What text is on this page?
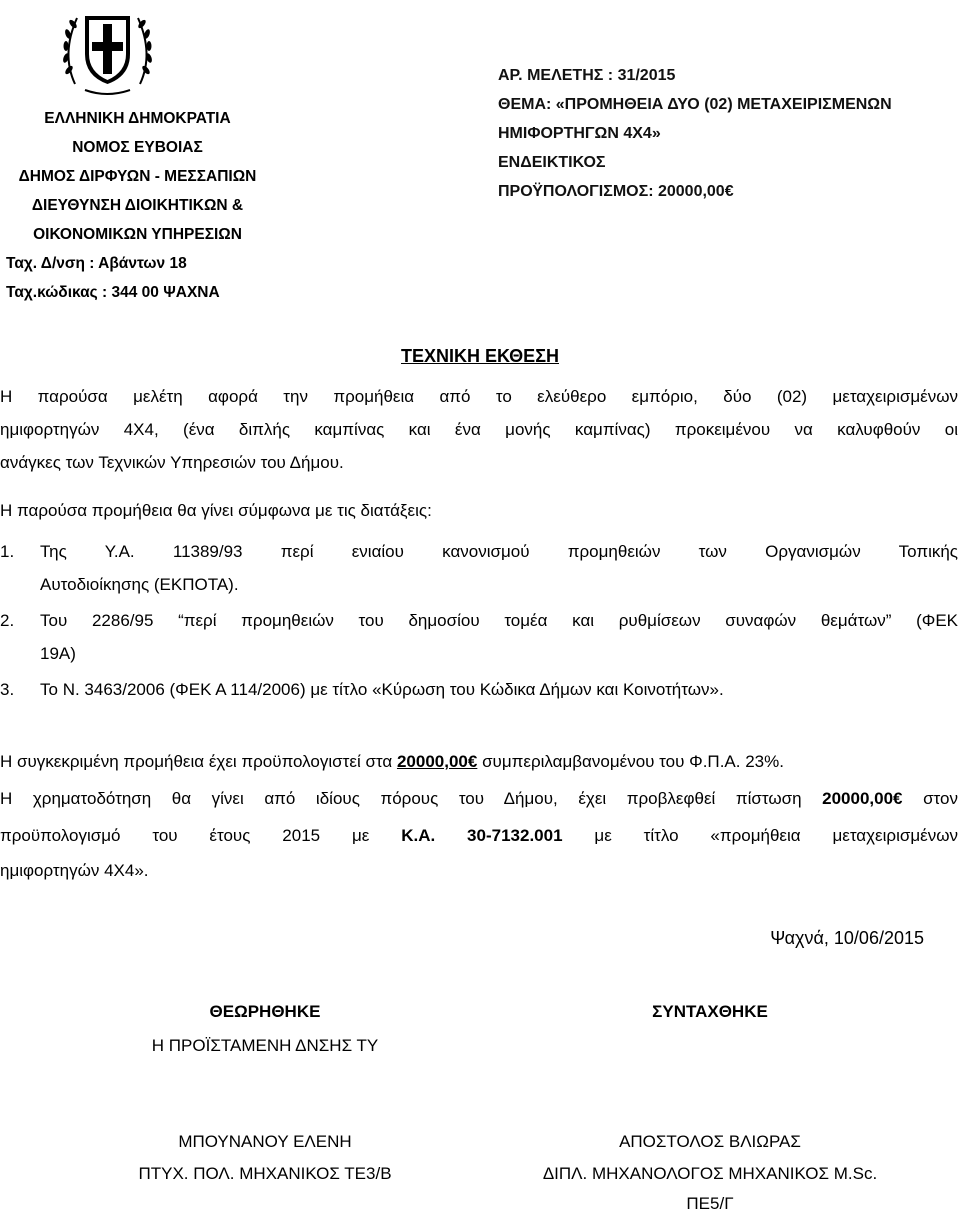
ΕΛΛΗΝΙΚΗ ΔΗΜΟΚΡΑΤΙΑ
ΝΟΜΟΣ ΕΥΒΟΙΑΣ
ΔΗΜΟΣ ΔΙΡΦΥΩΝ - ΜΕΣΣΑΠΙΩΝ
ΔΙΕΥΘΥΝΣΗ ΔΙΟΙΚΗΤΙΚΩΝ &
ΟΙΚΟΝΟΜΙΚΩΝ ΥΠΗΡΕΣΙΩΝ
Ταχ. Δ/νση : Αβάντων 18
Ταχ.κώδικας : 344 00 ΨΑΧΝΑ
ΑΡ. ΜΕΛΕΤΗΣ : 31/2015
ΘΕΜΑ: «ΠΡΟΜΗΘΕΙΑ ΔΥΟ (02) ΜΕΤΑΧΕΙΡΙΣΜΕΝΩΝ
ΗΜΙΦΟΡΤΗΓΩΝ 4Χ4»
ΕΝΔΕΙΚΤΙΚΟΣ
ΠΡΟΫΠΟΛΟΓΙΣΜΟΣ: 20000,00€
ΤΕΧΝΙΚΗ ΕΚΘΕΣΗ
Η παρούσα μελέτη αφορά την προμήθεια από το ελεύθερο εμπόριο, δύο (02) μεταχειρισμένων
ημιφορτηγών 4Χ4, (ένα διπλής καμπίνας και ένα μονής καμπίνας) προκειμένου να καλυφθούν οι
ανάγκες των Τεχνικών Υπηρεσιών του Δήμου.
Η παρούσα προμήθεια θα γίνει σύμφωνα με τις διατάξεις:
1. Της Υ.Α. 11389/93 περί ενιαίου κανονισμού προμηθειών των Οργανισμών Τοπικής
Αυτοδιοίκησης (ΕΚΠΟΤΑ).
2. Του 2286/95 “περί προμηθειών του δημοσίου τομέα και ρυθμίσεων συναφών θεμάτων” (ΦΕΚ
19Α)
3. Το Ν. 3463/2006 (ΦΕΚ Α 114/2006) με τίτλο «Κύρωση του Κώδικα Δήμων και Κοινοτήτων».
Η συγκεκριμένη προμήθεια έχει προϋπολογιστεί στα 20000,00€ συμπεριλαμβανομένου του Φ.Π.Α. 23%.
Η χρηματοδότηση θα γίνει από ιδίους πόρους του Δήμου, έχει προβλεφθεί πίστωση 20000,00€ στον
προϋπολογισμό του έτους 2015 με Κ.Α. 30-7132.001 με τίτλο «προμήθεια μεταχειρισμένων
ημιφορτηγών 4Χ4».
Ψαχνά, 10/06/2015
ΘΕΩΡΗΘΗΚΕ
Η ΠΡΟΪΣΤΑΜΕΝΗ ΔΝΣΗΣ ΤΥ
ΜΠΟΥΝΑΝΟΥ ΕΛΕΝΗ
ΠΤΥΧ. ΠΟΛ. ΜΗΧΑΝΙΚΟΣ ΤΕ3/Β
ΣΥΝΤΑΧΘΗΚΕ
ΑΠΟΣΤΟΛΟΣ ΒΛΙΩΡΑΣ
ΔΙΠΛ. ΜΗΧΑΝΟΛΟΓΟΣ ΜΗΧΑΝΙΚΟΣ M.Sc.
ΠΕ5/Γ
